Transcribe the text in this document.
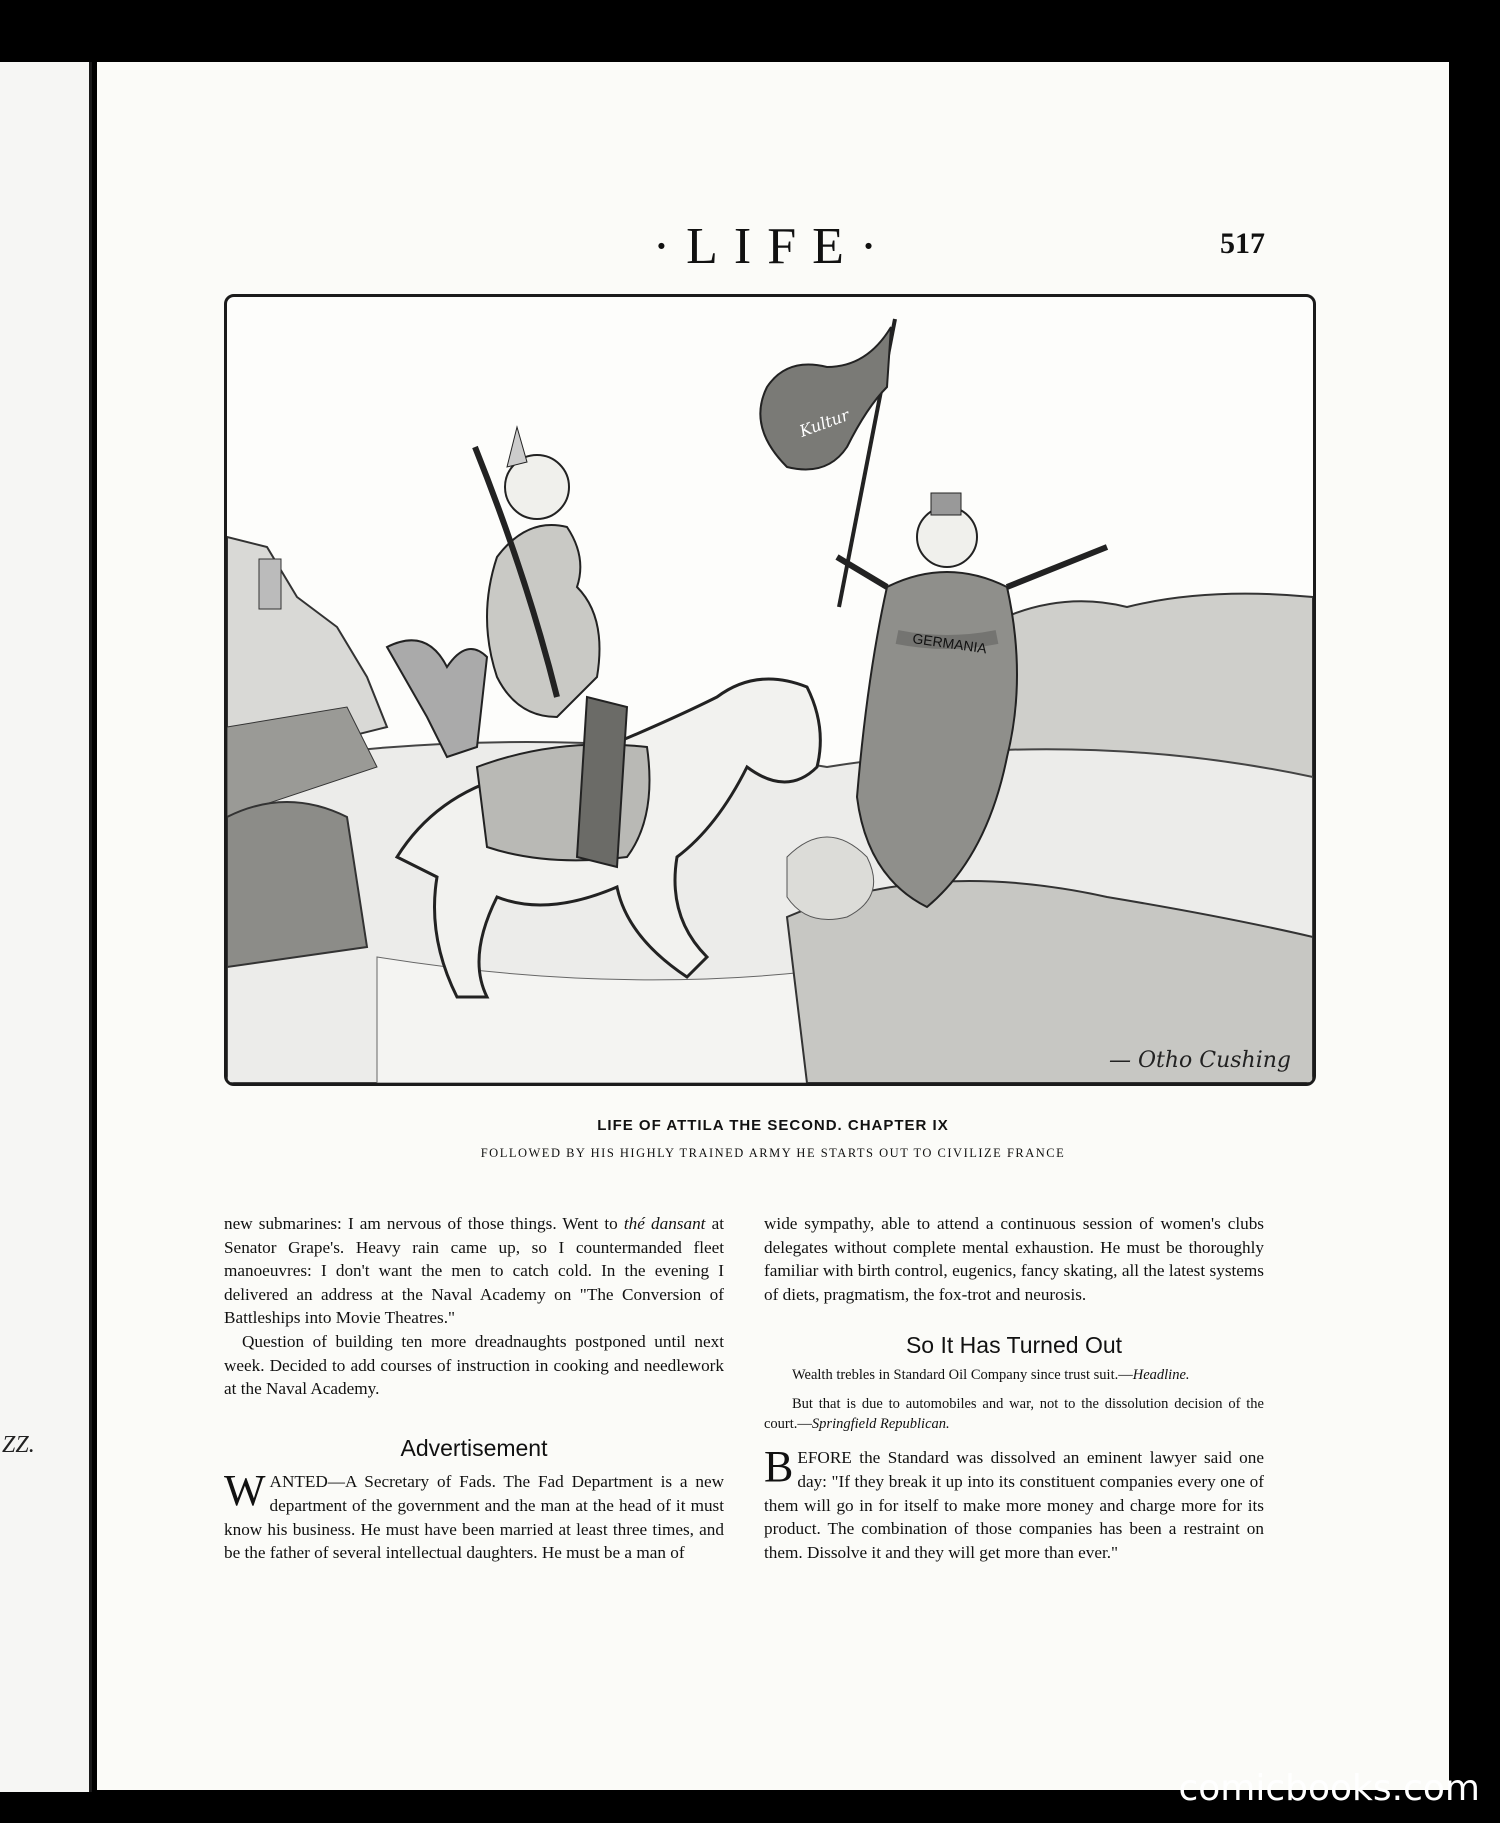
ZZ.
·LIFE·	517
Kultur
GERMANIA
— Otho Cushing
LIFE OF ATTILA THE SECOND. CHAPTER IX
FOLLOWED BY HIS HIGHLY TRAINED ARMY HE STARTS OUT TO CIVILIZE FRANCE

new submarines: I am nervous of those things. Went to thé dansant at Senator Grape's. Heavy rain came up, so I countermanded fleet manoeuvres: I don't want the men to catch cold. In the evening I delivered an address at the Naval Academy on "The Conversion of Battleships into Movie Theatres."

Question of building ten more dreadnaughts postponed until next week. Decided to add courses of instruction in cooking and needlework at the Naval Academy.

Advertisement

WANTED—A Secretary of Fads. The Fad Department is a new department of the government and the man at the head of it must know his business. He must have been married at least three times, and be the father of several intellectual daughters. He must be a man of

wide sympathy, able to attend a continuous session of women's clubs delegates without complete mental exhaustion. He must be thoroughly familiar with birth control, eugenics, fancy skating, all the latest systems of diets, pragmatism, the fox-trot and neurosis.

So It Has Turned Out

Wealth trebles in Standard Oil Company since trust suit.—Headline.

But that is due to automobiles and war, not to the dissolution decision of the court.—Springfield Republican.

BEFORE the Standard was dissolved an eminent lawyer said one day: "If they break it up into its constituent companies every one of them will go in for itself to make more money and charge more for its product. The combination of those companies has been a restraint on them. Dissolve it and they will get more than ever."

comicbooks.com
